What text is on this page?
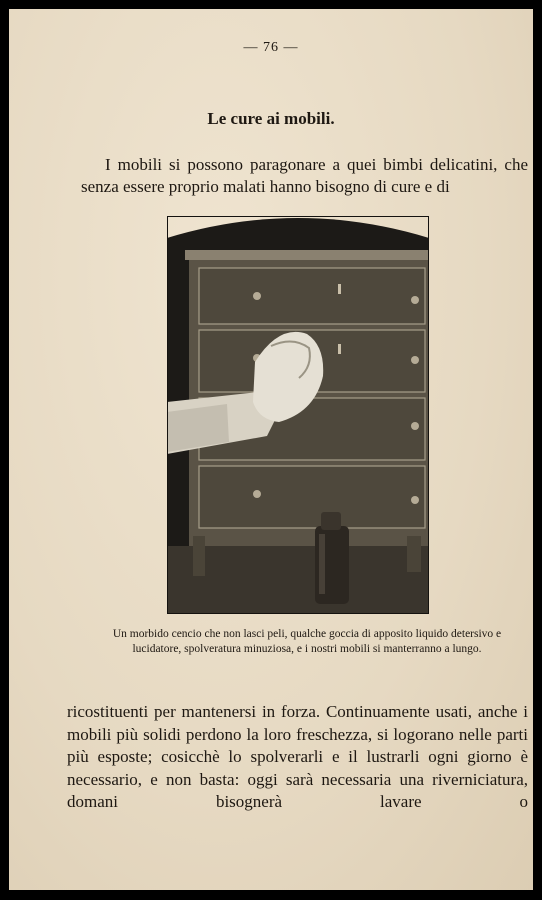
— 76 —
Le cure ai mobili.
I mobili si possono paragonare a quei bimbi delicatini, che senza essere proprio malati hanno bisogno di cure e di
Un morbido cencio che non lasci peli, qualche goccia di apposito liquido detersivo e lucidatore, spolveratura minuziosa, e i nostri mobili si manterranno a lungo.
ricostituenti per mantenersi in forza. Continuamente usati, anche i mobili più solidi perdono la loro freschezza, si logorano nelle parti più esposte; cosicchè lo spolverarli e il lustrarli ogni giorno è necessario, e non basta: oggi sarà necessaria una riverniciatura, domani bisognerà lavare o
